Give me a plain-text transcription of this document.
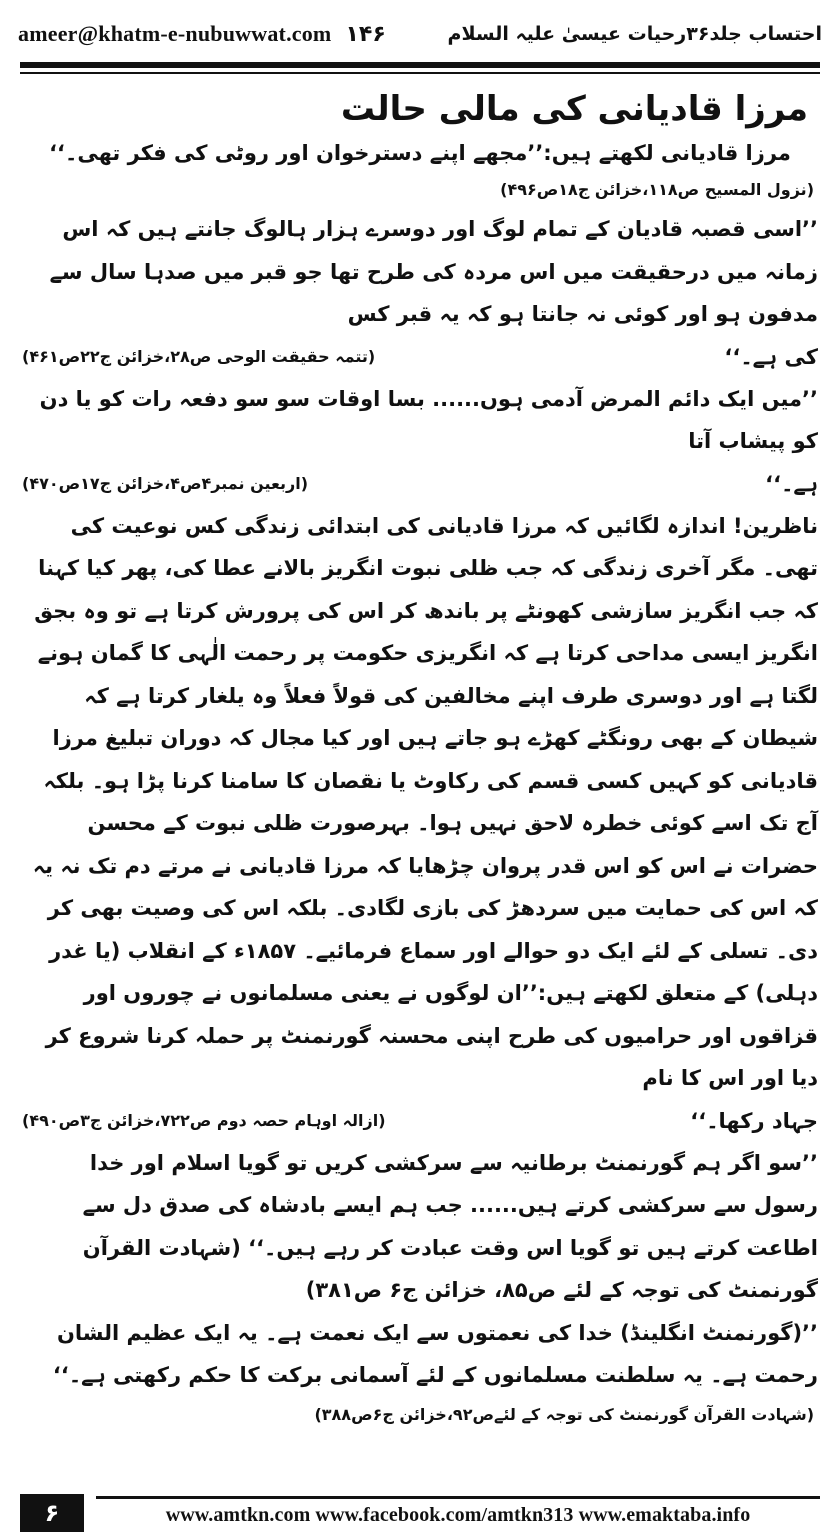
ameer@khatm-e-nubuwwat.com ۱۴۶	احتساب جلد۳۶رحیات عیسیٰ علیہ السلام

مرزا قادیانی کی مالی حالت

مرزا قادیانی لکھتے ہیں:’’مجھے اپنے دسترخوان اور روٹی کی فکر تھی۔‘‘

(نزول المسیح ص۱۱۸،خزائن ج۱۸ص۴۹۶)

’’اسی قصبہ قادیان کے تمام لوگ اور دوسرے ہزار ہالوگ جانتے ہیں کہ اس زمانہ میں درحقیقت میں اس مردہ کی طرح تھا جو قبر میں صدہا سال سے مدفون ہو اور کوئی نہ جانتا ہو کہ یہ قبر کس

کی ہے۔‘‘
(تتمہ حقیقت الوحی ص۲۸،خزائن ج۲۲ص۴۶۱)

’’میں ایک دائم المرض آدمی ہوں...... بسا اوقات سو سو دفعہ رات کو یا دن کو پیشاب آتا

ہے۔‘‘
(اربعین نمبر۴ص۴،خزائن ج۱۷ص۴۷۰)

ناظرین! اندازہ لگائیں کہ مرزا قادیانی کی ابتدائی زندگی کس نوعیت کی تھی۔ مگر آخری زندگی کہ جب ظلی نبوت انگریز بالانے عطا کی، پھر کیا کہنا کہ جب انگریز سازشی کھونٹے پر باندھ کر اس کی پرورش کرتا ہے تو وہ بجق انگریز ایسی مداحی کرتا ہے کہ انگریزی حکومت پر رحمت الٰہی کا گمان ہونے لگتا ہے اور دوسری طرف اپنے مخالفین کی قولاً فعلاً وہ یلغار کرتا ہے کہ شیطان کے بھی رونگٹے کھڑے ہو جاتے ہیں اور کیا مجال کہ دوران تبلیغ مرزا قادیانی کو کہیں کسی قسم کی رکاوٹ یا نقصان کا سامنا کرنا پڑا ہو۔ بلکہ آج تک اسے کوئی خطرہ لاحق نہیں ہوا۔ بہرصورت ظلی نبوت کے محسن حضرات نے اس کو اس قدر پروان چڑھایا کہ مرزا قادیانی نے مرتے دم تک نہ یہ کہ اس کی حمایت میں سردھڑ کی بازی لگادی۔ بلکہ اس کی وصیت بھی کر دی۔ تسلی کے لئے ایک دو حوالے اور سماع فرمائیے۔ ۱۸۵۷ء کے انقلاب (یا غدر دہلی) کے متعلق لکھتے ہیں:’’ان لوگوں نے یعنی مسلمانوں نے چوروں اور قزاقوں اور حرامیوں کی طرح اپنی محسنہ گورنمنٹ پر حملہ کرنا شروع کر دیا اور اس کا نام

جہاد رکھا۔‘‘
(ازالہ اوہام حصہ دوم ص۷۲۲،خزائن ج۳ص۴۹۰)

’’سو اگر ہم گورنمنٹ برطانیہ سے سرکشی کریں تو گویا اسلام اور خدا رسول سے سرکشی کرتے ہیں...... جب ہم ایسے بادشاہ کی صدق دل سے اطاعت کرتے ہیں تو گویا اس وقت عبادت کر رہے ہیں۔‘‘ (شہادت القرآن گورنمنٹ کی توجہ کے لئے ص۸۵، خزائن ج۶ ص۳۸۱)

’’(گورنمنٹ انگلینڈ) خدا کی نعمتوں سے ایک نعمت ہے۔ یہ ایک عظیم الشان رحمت ہے۔ یہ سلطنت مسلمانوں کے لئے آسمانی برکت کا حکم رکھتی ہے۔‘‘

(شہادت القرآن گورنمنٹ کی توجہ کے لئےص۹۲،خزائن ج۶ص۳۸۸)

۶	www.amtkn.com www.facebook.com/amtkn313 www.emaktaba.info
